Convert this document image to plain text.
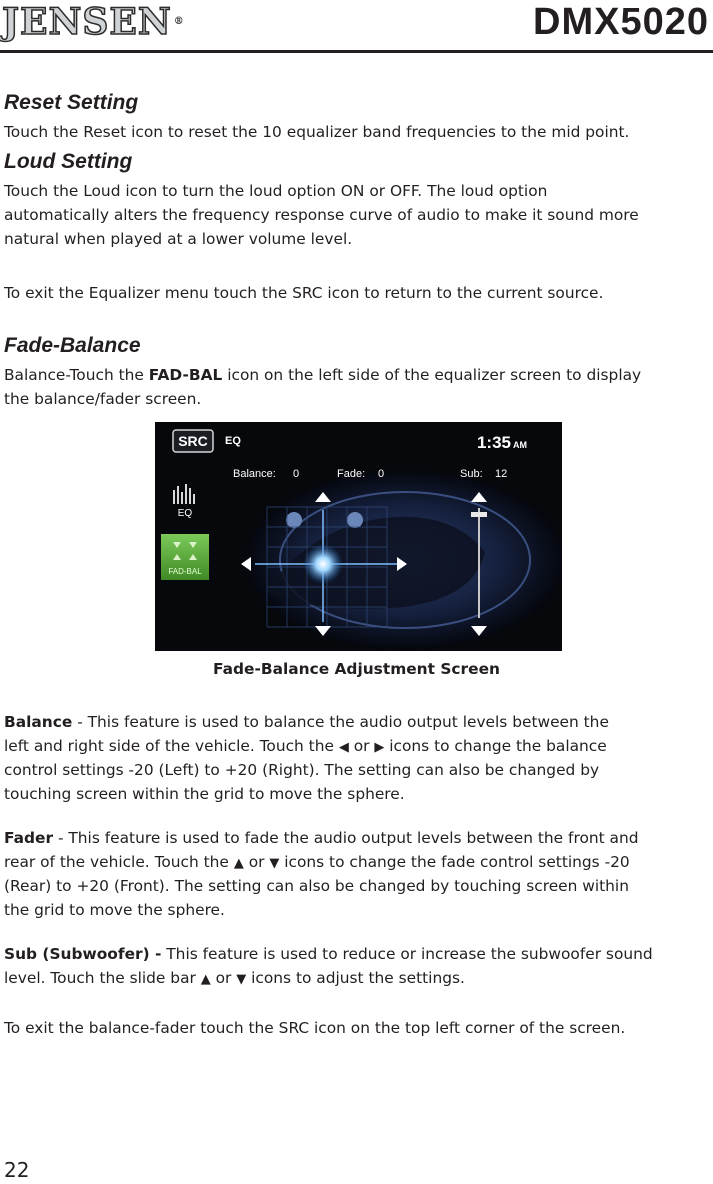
JENSEN ®	DMX5020
Reset Setting
Touch the Reset icon to reset the 10 equalizer band frequencies to the mid point.
Loud Setting
Touch the Loud icon to turn the loud option ON or OFF. The loud option
automatically alters the frequency response curve of audio to make it sound more
natural when played at a lower volume level.
To exit the Equalizer menu touch the SRC icon to return to the current source.
Fade-Balance
Balance-Touch the FAD-BAL icon on the left side of the equalizer screen to display
the balance/fader screen.
SRC EQ	1:35 AM
Balance: 0	Fade: 0	Sub: 12
EQ
FAD-BAL
Fade-Balance Adjustment Screen
Balance - This feature is used to balance the audio output levels between the
left and right side of the vehicle. Touch the ◀ or ▶ icons to change the balance
control settings -20 (Left) to +20 (Right). The setting can also be changed by
touching screen within the grid to move the sphere.
Fader - This feature is used to fade the audio output levels between the front and
rear of the vehicle. Touch the ▲ or ▼ icons to change the fade control settings -20
(Rear) to +20 (Front). The setting can also be changed by touching screen within
the grid to move the sphere.
Sub (Subwoofer) - This feature is used to reduce or increase the subwoofer sound
level. Touch the slide bar ▲ or ▼ icons to adjust the settings.
To exit the balance-fader touch the SRC icon on the top left corner of the screen.
22
